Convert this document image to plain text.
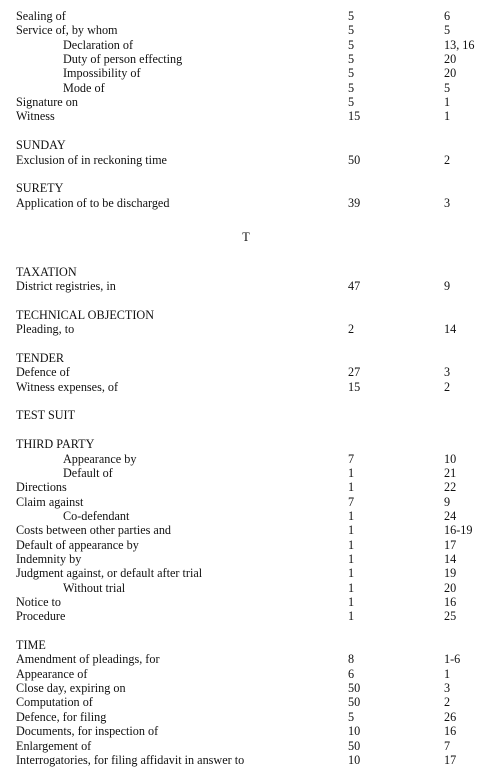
Sealing of	5	6
Service of, by whom	5	5
Declaration of	5	13, 16
Duty of person effecting	5	20
Impossibility of	5	20
Mode of	5	5
Signature on	5	1
Witness	15	1
SUNDAY
Exclusion of in reckoning time	50	2
SURETY
Application of to be discharged	39	3
T
TAXATION
District registries, in	47	9
TECHNICAL OBJECTION
Pleading, to	2	14
TENDER
Defence of	27	3
Witness expenses, of	15	2
TEST SUIT
THIRD PARTY
Appearance by	7	10
Default of	1	21
Directions	1	22
Claim against	7	9
Co-defendant	1	24
Costs between other parties and	1	16-19
Default of appearance by	1	17
Indemnity by	1	14
Judgment against, or default after trial	1	19
Without trial	1	20
Notice to	1	16
Procedure	1	25
TIME
Amendment of pleadings, for	8	1-6
Appearance of	6	1
Close day, expiring on	50	3
Computation of	50	2
Defence, for filing	5	26
Documents, for inspection of	10	16
Enlargement of	50	7
Interrogatories, for filing affidavit in answer to	10	17
